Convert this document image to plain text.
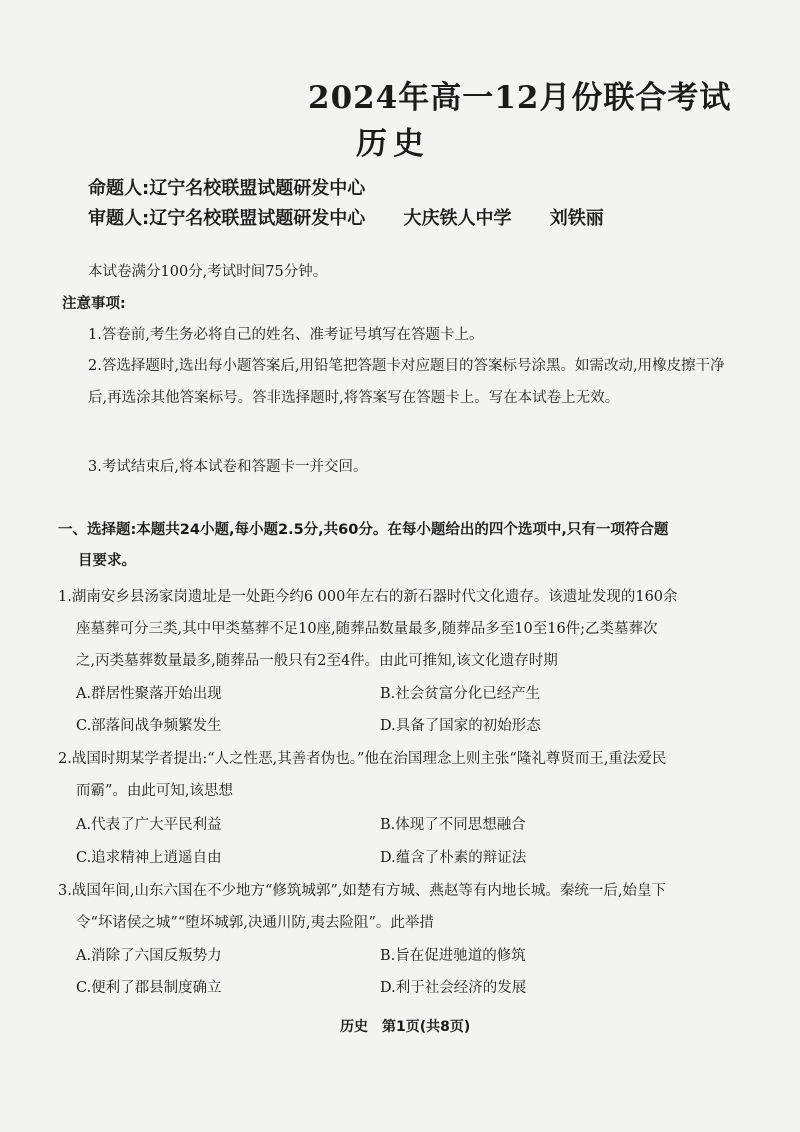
2024年高一12月份联合考试
历史
命题人:辽宁名校联盟试题研发中心
审题人:辽宁名校联盟试题研发中心 大庆铁人中学 刘铁丽
本试卷满分100分,考试时间75分钟。
注意事项:
1.答卷前,考生务必将自己的姓名、准考证号填写在答题卡上。
2.答选择题时,选出每小题答案后,用铅笔把答题卡对应题目的答案标号涂黑。如需改动,用橡皮擦干净后,再选涂其他答案标号。答非选择题时,将答案写在答题卡上。写在本试卷上无效。
3.考试结束后,将本试卷和答题卡一并交回。
一、选择题:本题共24小题,每小题2.5分,共60分。在每小题给出的四个选项中,只有一项符合题
目要求。
1.湖南安乡县汤家岗遗址是一处距今约6 000年左右的新石器时代文化遗存。该遗址发现的160余
座墓葬可分三类,其中甲类墓葬不足10座,随葬品数量最多,随葬品多至10至16件;乙类墓葬次
之,丙类墓葬数量最多,随葬品一般只有2至4件。由此可推知,该文化遗存时期
A.群居性聚落开始出现	B.社会贫富分化已经产生
C.部落间战争频繁发生	D.具备了国家的初始形态
2.战国时期某学者提出:“人之性恶,其善者伪也。”他在治国理念上则主张“隆礼尊贤而王,重法爱民
而霸”。由此可知,该思想
A.代表了广大平民利益	B.体现了不同思想融合
C.追求精神上逍遥自由	D.蕴含了朴素的辩证法
3.战国年间,山东六国在不少地方“修筑城郭”,如楚有方城、燕赵等有内地长城。秦统一后,始皇下
令“坏诸侯之城”“堕坏城郭,决通川防,夷去险阻”。此举措
A.消除了六国反叛势力	B.旨在促进驰道的修筑
C.便利了郡县制度确立	D.利于社会经济的发展
历史　第1页(共8页)
